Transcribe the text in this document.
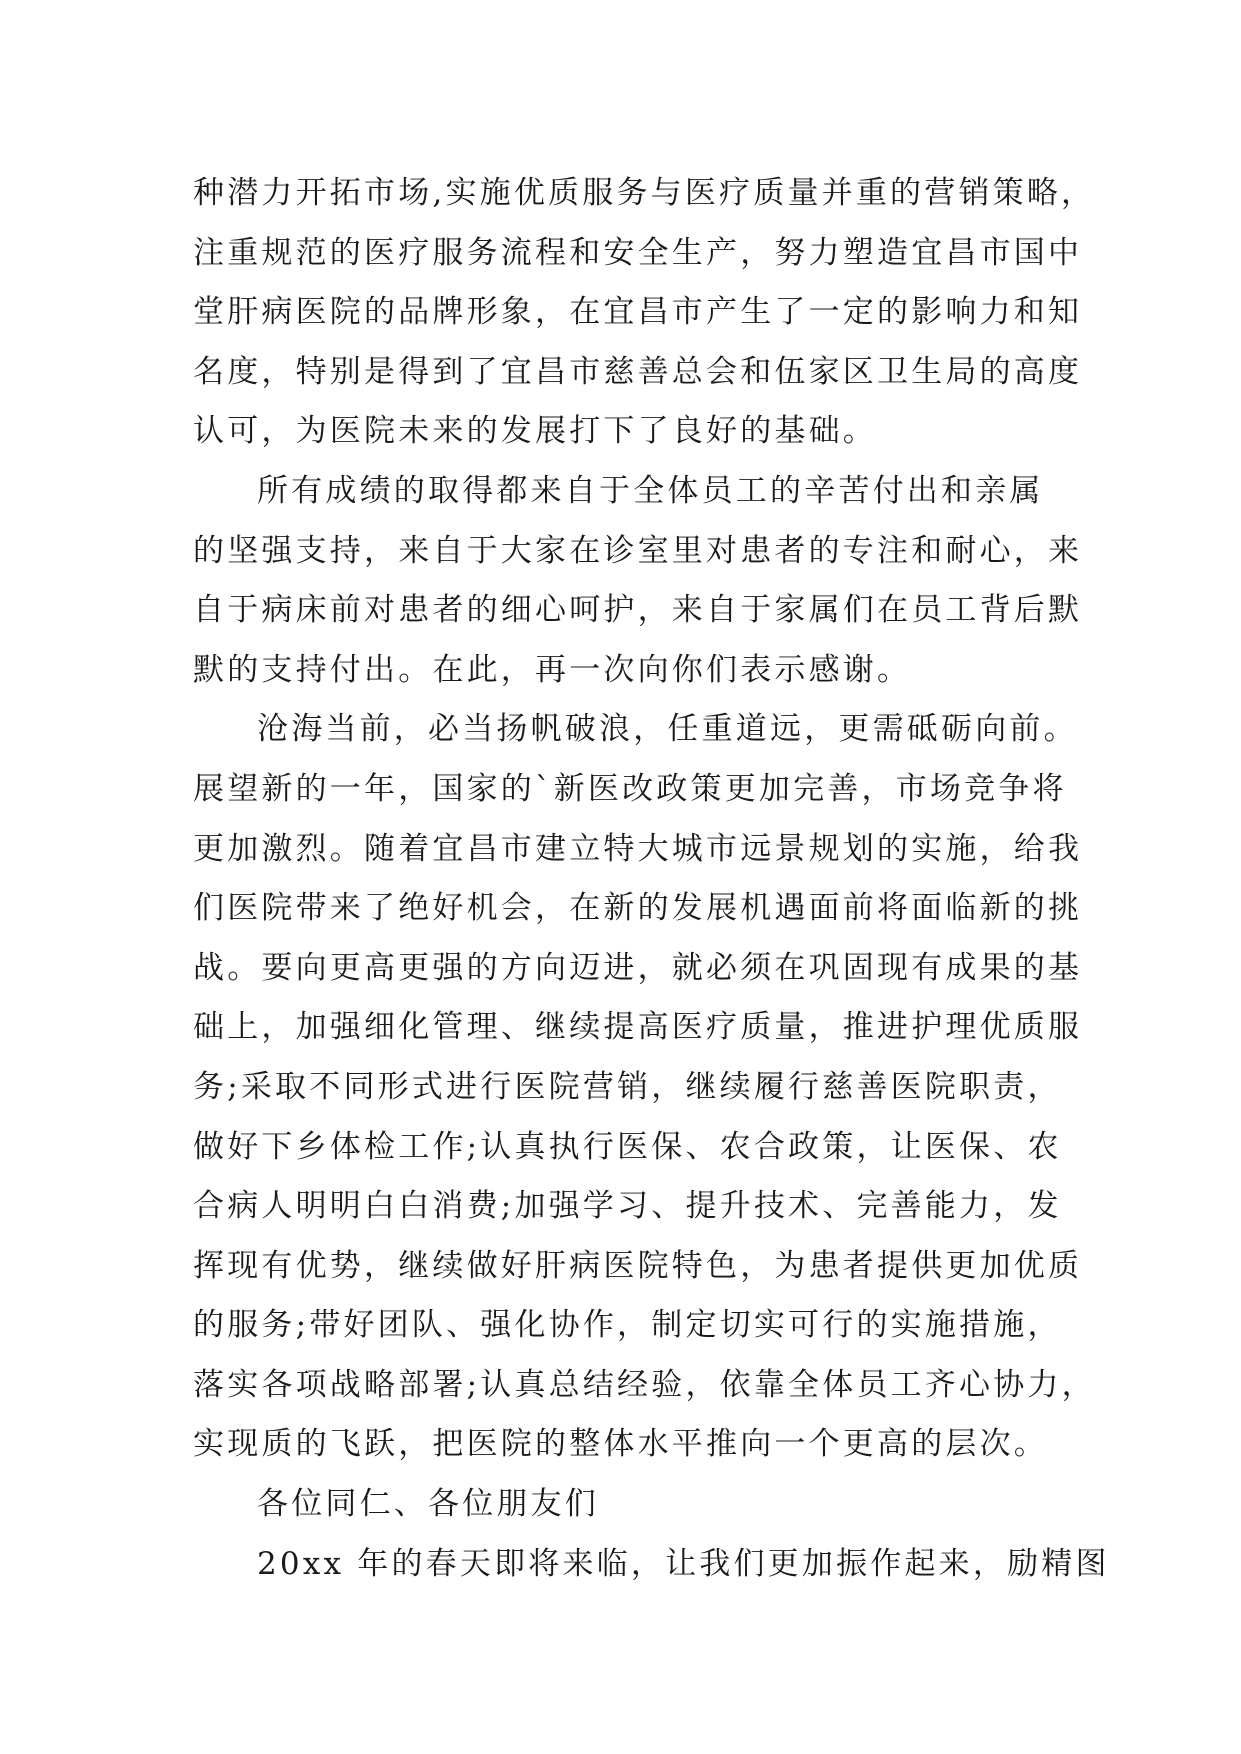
种潜力开拓市场,实施优质服务与医疗质量并重的营销策略，
注重规范的医疗服务流程和安全生产，努力塑造宜昌市国中
堂肝病医院的品牌形象，在宜昌市产生了一定的影响力和知
名度，特别是得到了宜昌市慈善总会和伍家区卫生局的高度
认可，为医院未来的发展打下了良好的基础。
所有成绩的取得都来自于全体员工的辛苦付出和亲属
的坚强支持，来自于大家在诊室里对患者的专注和耐心，来
自于病床前对患者的细心呵护，来自于家属们在员工背后默
默的支持付出。在此，再一次向你们表示感谢。
沧海当前，必当扬帆破浪，任重道远，更需砥砺向前。
展望新的一年，国家的`新医改政策更加完善，市场竞争将
更加激烈。随着宜昌市建立特大城市远景规划的实施，给我
们医院带来了绝好机会，在新的发展机遇面前将面临新的挑
战。要向更高更强的方向迈进，就必须在巩固现有成果的基
础上，加强细化管理、继续提高医疗质量，推进护理优质服
务;采取不同形式进行医院营销，继续履行慈善医院职责，
做好下乡体检工作;认真执行医保、农合政策，让医保、农
合病人明明白白消费;加强学习、提升技术、完善能力，发
挥现有优势，继续做好肝病医院特色，为患者提供更加优质
的服务;带好团队、强化协作，制定切实可行的实施措施，
落实各项战略部署;认真总结经验，依靠全体员工齐心协力，
实现质的飞跃，把医院的整体水平推向一个更高的层次。
各位同仁、各位朋友们
20xx 年的春天即将来临，让我们更加振作起来，励精图
